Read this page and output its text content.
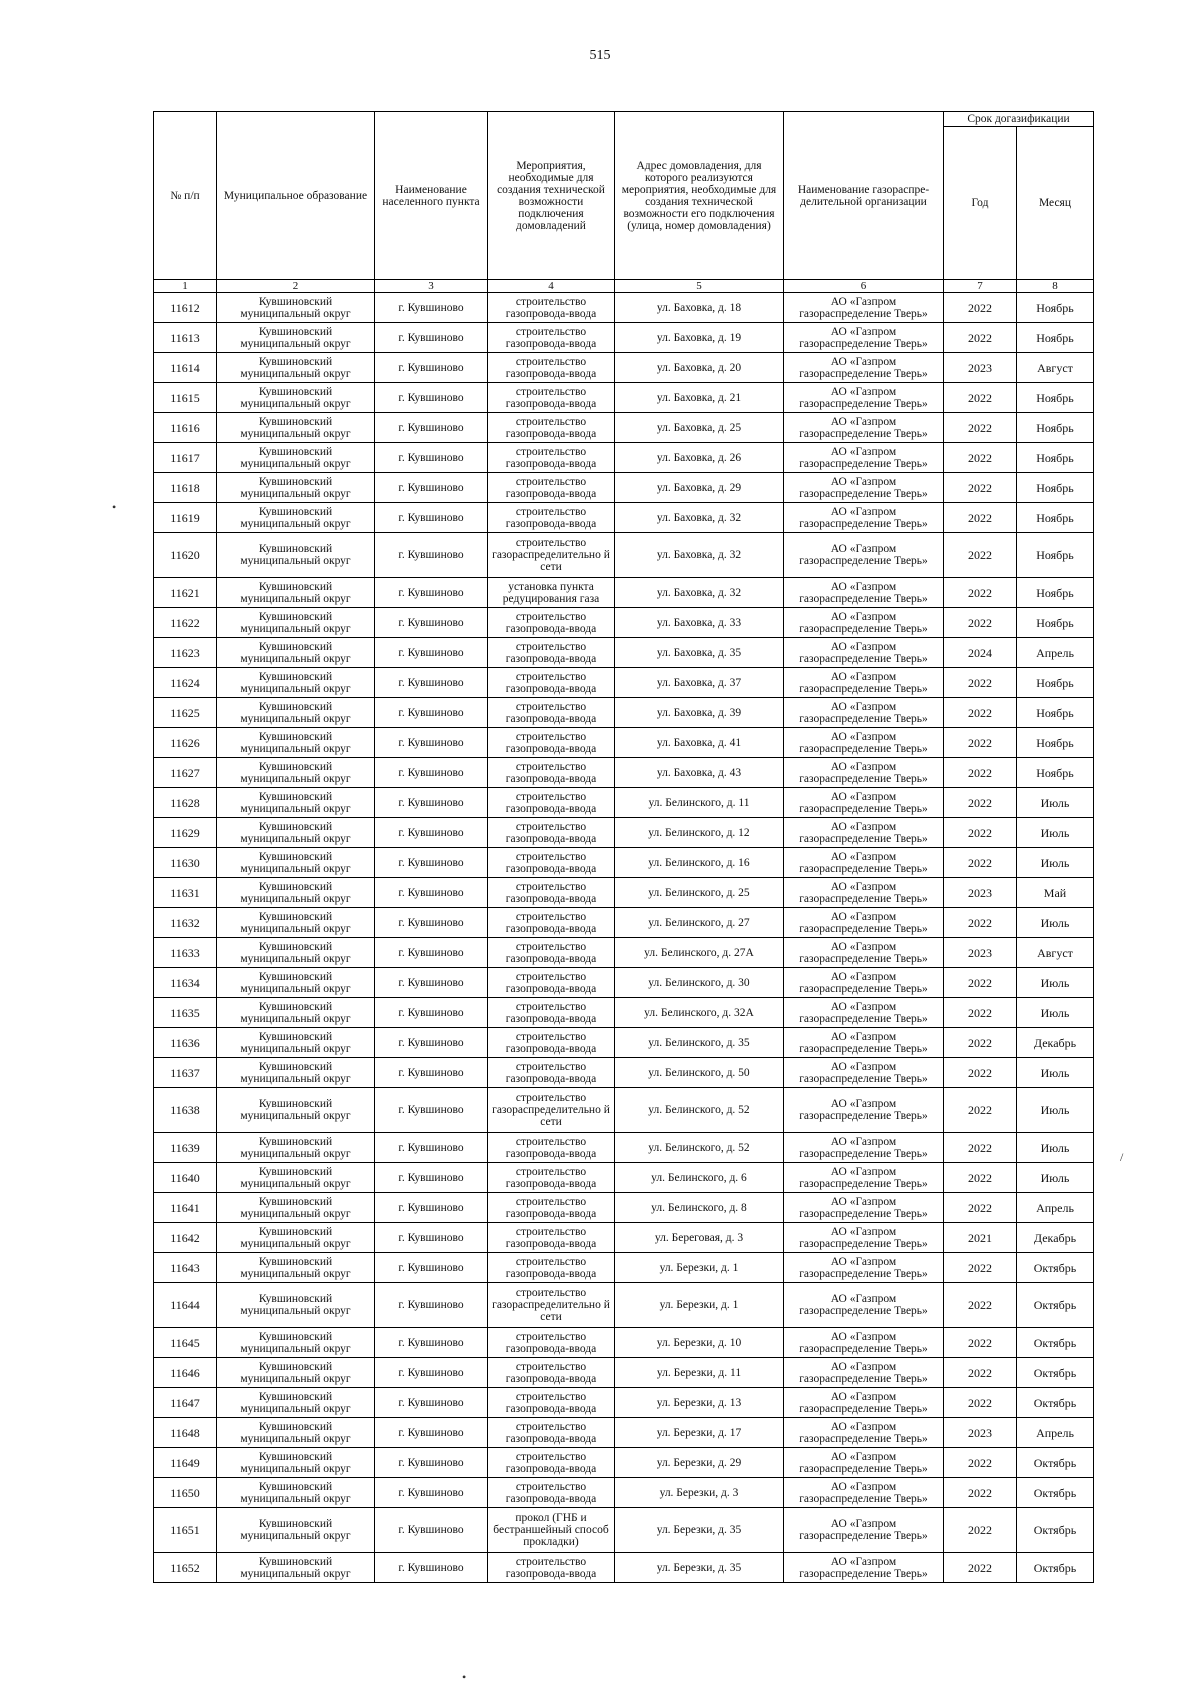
515
•
/
•
№ п/п	Муниципальное образование	Наименование населенного пункта	Мероприятия, необходимые для создания технической возможности подключения домовладений	Адрес домовладения, для которого реализуются мероприятия, необходимые для создания технической возможности его подключения (улица, номер домовладения)	Наименование газораспре-делительной организации	Срок догазификации	
						Год	Месяц
1	2	3	4	5	6	7	8
11612	Кувшиновский муниципальный округ	г. Кувшиново	строительство газопровода-ввода	ул. Баховка, д. 18	АО «Газпром газораспределение Тверь»	2022	Ноябрь
11613	Кувшиновский муниципальный округ	г. Кувшиново	строительство газопровода-ввода	ул. Баховка, д. 19	АО «Газпром газораспределение Тверь»	2022	Ноябрь
11614	Кувшиновский муниципальный округ	г. Кувшиново	строительство газопровода-ввода	ул. Баховка, д. 20	АО «Газпром газораспределение Тверь»	2023	Август
11615	Кувшиновский муниципальный округ	г. Кувшиново	строительство газопровода-ввода	ул. Баховка, д. 21	АО «Газпром газораспределение Тверь»	2022	Ноябрь
11616	Кувшиновский муниципальный округ	г. Кувшиново	строительство газопровода-ввода	ул. Баховка, д. 25	АО «Газпром газораспределение Тверь»	2022	Ноябрь
11617	Кувшиновский муниципальный округ	г. Кувшиново	строительство газопровода-ввода	ул. Баховка, д. 26	АО «Газпром газораспределение Тверь»	2022	Ноябрь
11618	Кувшиновский муниципальный округ	г. Кувшиново	строительство газопровода-ввода	ул. Баховка, д. 29	АО «Газпром газораспределение Тверь»	2022	Ноябрь
11619	Кувшиновский муниципальный округ	г. Кувшиново	строительство газопровода-ввода	ул. Баховка, д. 32	АО «Газпром газораспределение Тверь»	2022	Ноябрь
11620	Кувшиновский муниципальный округ	г. Кувшиново	строительство газораспределительно й сети	ул. Баховка, д. 32	АО «Газпром газораспределение Тверь»	2022	Ноябрь
11621	Кувшиновский муниципальный округ	г. Кувшиново	установка пункта редуцирования газа	ул. Баховка, д. 32	АО «Газпром газораспределение Тверь»	2022	Ноябрь
11622	Кувшиновский муниципальный округ	г. Кувшиново	строительство газопровода-ввода	ул. Баховка, д. 33	АО «Газпром газораспределение Тверь»	2022	Ноябрь
11623	Кувшиновский муниципальный округ	г. Кувшиново	строительство газопровода-ввода	ул. Баховка, д. 35	АО «Газпром газораспределение Тверь»	2024	Апрель
11624	Кувшиновский муниципальный округ	г. Кувшиново	строительство газопровода-ввода	ул. Баховка, д. 37	АО «Газпром газораспределение Тверь»	2022	Ноябрь
11625	Кувшиновский муниципальный округ	г. Кувшиново	строительство газопровода-ввода	ул. Баховка, д. 39	АО «Газпром газораспределение Тверь»	2022	Ноябрь
11626	Кувшиновский муниципальный округ	г. Кувшиново	строительство газопровода-ввода	ул. Баховка, д. 41	АО «Газпром газораспределение Тверь»	2022	Ноябрь
11627	Кувшиновский муниципальный округ	г. Кувшиново	строительство газопровода-ввода	ул. Баховка, д. 43	АО «Газпром газораспределение Тверь»	2022	Ноябрь
11628	Кувшиновский муниципальный округ	г. Кувшиново	строительство газопровода-ввода	ул. Белинского, д. 11	АО «Газпром газораспределение Тверь»	2022	Июль
11629	Кувшиновский муниципальный округ	г. Кувшиново	строительство газопровода-ввода	ул. Белинского, д. 12	АО «Газпром газораспределение Тверь»	2022	Июль
11630	Кувшиновский муниципальный округ	г. Кувшиново	строительство газопровода-ввода	ул. Белинского, д. 16	АО «Газпром газораспределение Тверь»	2022	Июль
11631	Кувшиновский муниципальный округ	г. Кувшиново	строительство газопровода-ввода	ул. Белинского, д. 25	АО «Газпром газораспределение Тверь»	2023	Май
11632	Кувшиновский муниципальный округ	г. Кувшиново	строительство газопровода-ввода	ул. Белинского, д. 27	АО «Газпром газораспределение Тверь»	2022	Июль
11633	Кувшиновский муниципальный округ	г. Кувшиново	строительство газопровода-ввода	ул. Белинского, д. 27А	АО «Газпром газораспределение Тверь»	2023	Август
11634	Кувшиновский муниципальный округ	г. Кувшиново	строительство газопровода-ввода	ул. Белинского, д. 30	АО «Газпром газораспределение Тверь»	2022	Июль
11635	Кувшиновский муниципальный округ	г. Кувшиново	строительство газопровода-ввода	ул. Белинского, д. 32А	АО «Газпром газораспределение Тверь»	2022	Июль
11636	Кувшиновский муниципальный округ	г. Кувшиново	строительство газопровода-ввода	ул. Белинского, д. 35	АО «Газпром газораспределение Тверь»	2022	Декабрь
11637	Кувшиновский муниципальный округ	г. Кувшиново	строительство газопровода-ввода	ул. Белинского, д. 50	АО «Газпром газораспределение Тверь»	2022	Июль
11638	Кувшиновский муниципальный округ	г. Кувшиново	строительство газораспределительно й сети	ул. Белинского, д. 52	АО «Газпром газораспределение Тверь»	2022	Июль
11639	Кувшиновский муниципальный округ	г. Кувшиново	строительство газопровода-ввода	ул. Белинского, д. 52	АО «Газпром газораспределение Тверь»	2022	Июль
11640	Кувшиновский муниципальный округ	г. Кувшиново	строительство газопровода-ввода	ул. Белинского, д. 6	АО «Газпром газораспределение Тверь»	2022	Июль
11641	Кувшиновский муниципальный округ	г. Кувшиново	строительство газопровода-ввода	ул. Белинского, д. 8	АО «Газпром газораспределение Тверь»	2022	Апрель
11642	Кувшиновский муниципальный округ	г. Кувшиново	строительство газопровода-ввода	ул. Береговая, д. 3	АО «Газпром газораспределение Тверь»	2021	Декабрь
11643	Кувшиновский муниципальный округ	г. Кувшиново	строительство газопровода-ввода	ул. Березки, д. 1	АО «Газпром газораспределение Тверь»	2022	Октябрь
11644	Кувшиновский муниципальный округ	г. Кувшиново	строительство газораспределительно й сети	ул. Березки, д. 1	АО «Газпром газораспределение Тверь»	2022	Октябрь
11645	Кувшиновский муниципальный округ	г. Кувшиново	строительство газопровода-ввода	ул. Березки, д. 10	АО «Газпром газораспределение Тверь»	2022	Октябрь
11646	Кувшиновский муниципальный округ	г. Кувшиново	строительство газопровода-ввода	ул. Березки, д. 11	АО «Газпром газораспределение Тверь»	2022	Октябрь
11647	Кувшиновский муниципальный округ	г. Кувшиново	строительство газопровода-ввода	ул. Березки, д. 13	АО «Газпром газораспределение Тверь»	2022	Октябрь
11648	Кувшиновский муниципальный округ	г. Кувшиново	строительство газопровода-ввода	ул. Березки, д. 17	АО «Газпром газораспределение Тверь»	2023	Апрель
11649	Кувшиновский муниципальный округ	г. Кувшиново	строительство газопровода-ввода	ул. Березки, д. 29	АО «Газпром газораспределение Тверь»	2022	Октябрь
11650	Кувшиновский муниципальный округ	г. Кувшиново	строительство газопровода-ввода	ул. Березки, д. 3	АО «Газпром газораспределение Тверь»	2022	Октябрь
11651	Кувшиновский муниципальный округ	г. Кувшиново	прокол (ГНБ и бестраншейный способ прокладки)	ул. Березки, д. 35	АО «Газпром газораспределение Тверь»	2022	Октябрь
11652	Кувшиновский муниципальный округ	г. Кувшиново	строительство газопровода-ввода	ул. Березки, д. 35	АО «Газпром газораспределение Тверь»	2022	Октябрь
